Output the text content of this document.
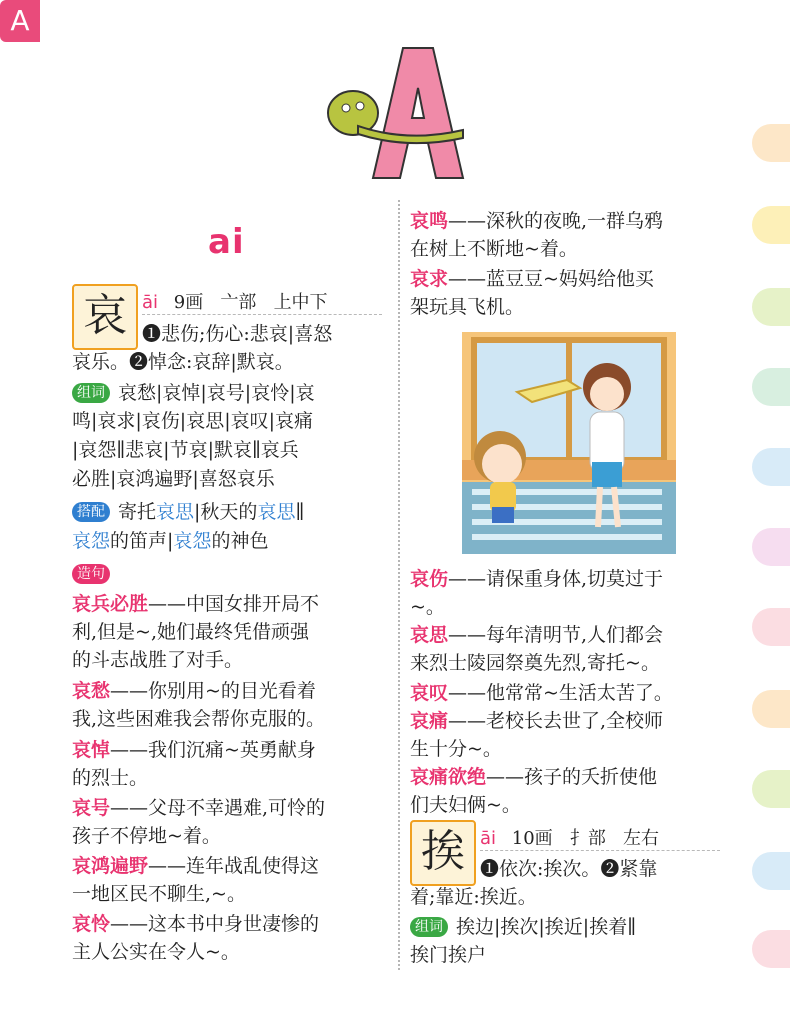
A
ai
哀 āi 9画 亠部 上中下
❶悲伤;伤心:悲哀|喜怒
哀乐。❷悼念:哀辞|默哀。
组词 哀愁|哀悼|哀号|哀怜|哀
鸣|哀求|哀伤|哀思|哀叹|哀痛
|哀怨∥悲哀|节哀|默哀∥哀兵
必胜|哀鸿遍野|喜怒哀乐
搭配 寄托哀思|秋天的哀思∥
哀怨的笛声|哀怨的神色
造句
哀兵必胜——中国女排开局不
利,但是~,她们最终凭借顽强
的斗志战胜了对手。
哀愁——你别用~的目光看着
我,这些困难我会帮你克服的。
哀悼——我们沉痛~英勇献身
的烈士。
哀号——父母不幸遇难,可怜的
孩子不停地~着。
哀鸿遍野——连年战乱使得这
一地区民不聊生,~。
哀怜——这本书中身世凄惨的
主人公实在令人~。
哀鸣——深秋的夜晚,一群乌鸦
在树上不断地~着。
哀求——蓝豆豆~妈妈给他买
架玩具飞机。
哀伤——请保重身体,切莫过于
~。
哀思——每年清明节,人们都会
来烈士陵园祭奠先烈,寄托~。
哀叹——他常常~生活太苦了。
哀痛——老校长去世了,全校师
生十分~。
哀痛欲绝——孩子的夭折使他
们夫妇俩~。
挨 āi 10画 扌部 左右
❶依次:挨次。❷紧靠
着;靠近:挨近。
组词 挨边|挨次|挨近|挨着∥
挨门挨户
